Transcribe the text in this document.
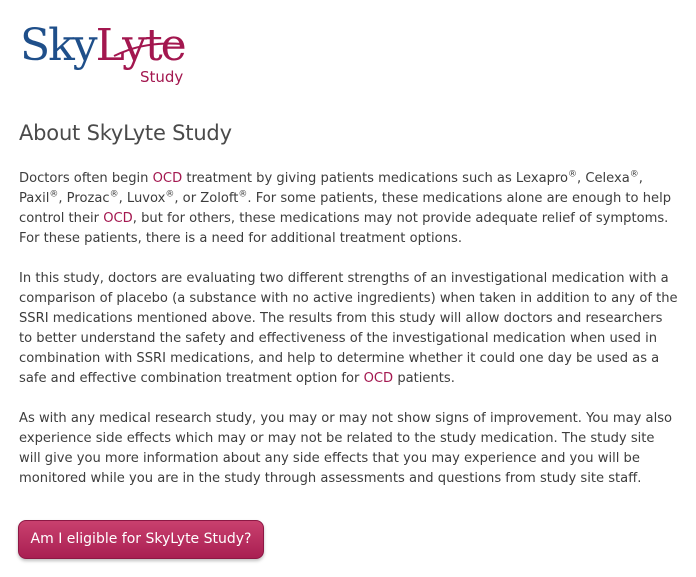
SkyLyte
Study
About SkyLyte Study

Doctors often begin OCD treatment by giving patients medications such as Lexapro®, Celexa®, Paxil®, Prozac®, Luvox®, or Zoloft®. For some patients, these medications alone are enough to help control their OCD, but for others, these medications may not provide adequate relief of symptoms. For these patients, there is a need for additional treatment options.

In this study, doctors are evaluating two different strengths of an investigational medication with a comparison of placebo (a substance with no active ingredients) when taken in addition to any of the SSRI medications mentioned above. The results from this study will allow doctors and researchers to better understand the safety and effectiveness of the investigational medication when used in combination with SSRI medications, and help to determine whether it could one day be used as a safe and effective combination treatment option for OCD patients.

As with any medical research study, you may or may not show signs of improvement. You may also experience side effects which may or may not be related to the study medication. The study site will give you more information about any side effects that you may experience and you will be monitored while you are in the study through assessments and questions from study site staff.

Am I eligible for SkyLyte Study?
